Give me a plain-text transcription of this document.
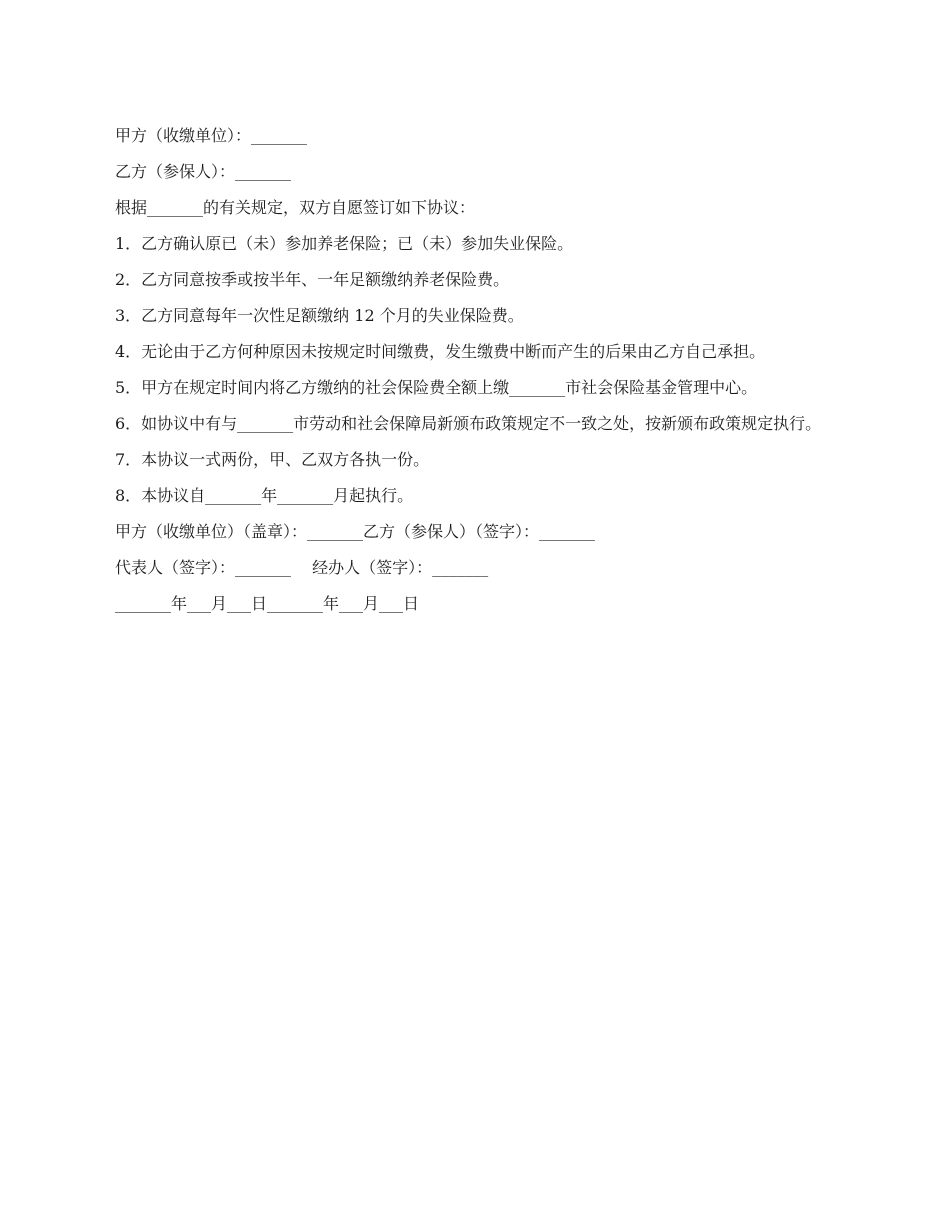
甲方（收缴单位）：_______

乙方（参保人）：_______

根据_______的有关规定，双方自愿签订如下协议：

1．乙方确认原已（未）参加养老保险；已（未）参加失业保险。

2．乙方同意按季或按半年、一年足额缴纳养老保险费。

3．乙方同意每年一次性足额缴纳 12 个月的失业保险费。

4．无论由于乙方何种原因未按规定时间缴费，发生缴费中断而产生的后果由乙方自己承担。

5．甲方在规定时间内将乙方缴纳的社会保险费全额上缴_______市社会保险基金管理中心。

6．如协议中有与_______市劳动和社会保障局新颁布政策规定不一致之处，按新颁布政策规定执行。

7．本协议一式两份，甲、乙双方各执一份。

8．本协议自_______年_______月起执行。

甲方（收缴单位）（盖章）：_______乙方（参保人）（签字）：_______

代表人（签字）：_______　 经办人（签字）：_______

_______年___月___日_______年___月___日
